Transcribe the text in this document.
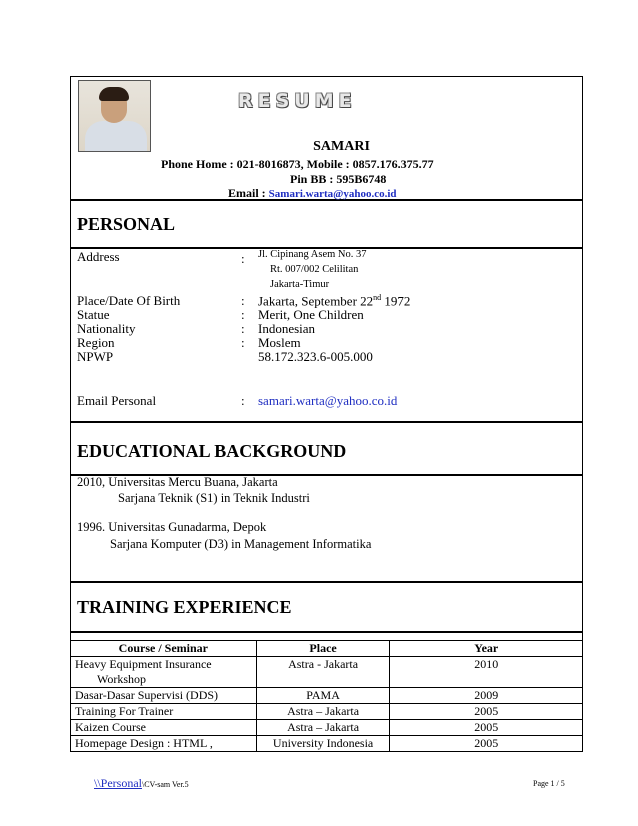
RESUME
SAMARI
Phone Home : 021-8016873, Mobile : 0857.176.375.77
Pin BB : 595B6748
Email : Samari.warta@yahoo.co.id
PERSONAL
Address	: Jl. Cipinang Asem No. 37
Rt. 007/002 Celilitan
Jakarta-Timur
Place/Date Of Birth	: Jakarta, September 22nd 1972
Statue	: Merit, One Children
Nationality	: Indonesian
Region	: Moslem
NPWP	58.172.323.6-005.000
Email Personal	: samari.warta@yahoo.co.id
EDUCATIONAL BACKGROUND
2010, Universitas Mercu Buana, Jakarta
Sarjana Teknik (S1) in Teknik Industri
1996. Universitas Gunadarma, Depok
Sarjana Komputer (D3) in Management Informatika
TRAINING EXPERIENCE
Course / Seminar	Place	Year
Heavy Equipment Insurance
Workshop	Astra - Jakarta	2010
Dasar-Dasar Supervisi (DDS)	PAMA	2009
Training For Trainer	Astra – Jakarta	2005
Kaizen Course	Astra – Jakarta	2005
Homepage Design : HTML ,	University Indonesia	2005
\\Personal\CV-sam Ver.5	Page 1 / 5
